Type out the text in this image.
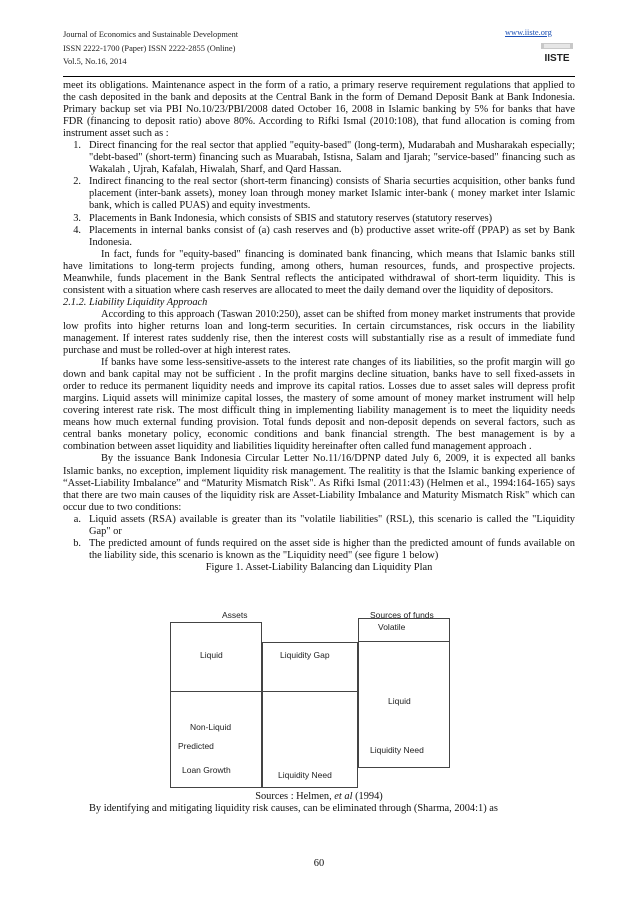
Journal of Economics and Sustainable Development
ISSN 2222-1700 (Paper) ISSN 2222-2855 (Online)
Vol.5, No.16, 2014
www.iiste.org
IISTE

meet its obligations. Maintenance aspect in the form of a ratio, a primary reserve requirement regulations that applied to the cash deposited in the bank and deposits at the Central Bank in the form of Demand Deposit Bank at Bank Indonesia. Primary backup set via PBI No.10/23/PBI/2008 dated October 16, 2008 in Islamic banking by 5% for banks that have FDR (financing to deposit ratio) above 80%. According to Rifki Ismal (2010:108), that fund allocation is coming from instrument asset such as :

1. Direct financing for the real sector that applied "equity-based" (long-term), Mudarabah and Musharakah especially; "debt-based" (short-term) financing such as Muarabah, Istisna, Salam and Ijarah; "service-based" financing such as Wakalah , Ujrah, Kafalah, Hiwalah, Sharf, and Qard Hassan.
2. Indirect financing to the real sector (short-term financing) consists of Sharia securties acquisition, other banks fund placement (inter-bank assets), money loan through money market Islamic inter-bank ( money market inter Islamic bank, which is called PUAS) and equity investments.
3. Placements in Bank Indonesia, which consists of SBIS and statutory reserves (statutory reserves)
4. Placements in internal banks consist of (a) cash reserves and (b) productive asset write-off (PPAP) as set by Bank Indonesia.

In fact, funds for "equity-based" financing is dominated bank financing, which means that Islamic banks still have limitations to long-term projects funding, among others, human resources, funds, and prospective projects. Meanwhile, funds placement in the Bank Sentral reflects the anticipated withdrawal of short-term liquidity. This is consistent with a situation where cash reserves are allocated to meet the daily demand over the liquidity of depositors.

2.1.2. Liability Liquidity Approach

According to this approach (Taswan 2010:250), asset can be shifted from money market instruments that provide low profits into higher returns loan and long-term securities. In certain circumstances, risk occurs in the liability management. If interest rates suddenly rise, then the interest costs will substantially rise as a result of immediate fund purchase and must be rolled-over at high interest rates.

If banks have some less-sensitive-assets to the interest rate changes of its liabilities, so the profit margin will go down and bank capital may not be sufficient . In the profit margins decline situation, banks have to sell fixed-assets in order to reduce its permanent liquidity needs and improve its capital ratios. Losses due to asset sales will depress profit margins. Liquid assets will minimize capital losses, the mastery of some amount of money market instrument will help covering interest rate risk. The most difficult thing in implementing liability management is to meet the liquidity needs means how much external funding provision. Total funds deposit and non-deposit depends on several factors, such as central banks monetary policy, economic conditions and bank financial strength. The best management is by a combination between asset liquidity and liabilities liquidity hereinafter often called fund management approach .

By the issuance Bank Indonesia Circular Letter No.11/16/DPNP dated July 6, 2009, it is expected all banks Islamic banks, no exception, implement liquidity risk management. The realitity is that the Islamic banking experience of “Asset-Liability Imbalance” and “Maturity Mismatch Risk". As Rifki Ismal (2011:43) (Helmen et al., 1994:164-165) says that there are two main causes of the liquidity risk are Asset-Liability Imbalance and Maturity Mismatch Risk" which can occur due to two conditions:

a. Liquid assets (RSA) available is greater than its "volatile liabilities" (RSL), this scenario is called the "Liquidity Gap" or
b. The predicted amount of funds required on the asset side is higher than the predicted amount of funds available on the liability side, this scenario is known as the "Liquidity need" (see figure 1 below)

Figure 1. Asset-Liability Balancing dan Liquidity Plan

Assets	Sources of funds
Liquid
Non-Liquid
Predicted
Loan Growth
Liquidity Gap
Liquidity Need
Volatile
Liquid
Liquidity Need
Sources : Helmen, et al (1994)
By identifying and mitigating liquidity risk causes, can be eliminated through (Sharma, 2004:1) as
60
